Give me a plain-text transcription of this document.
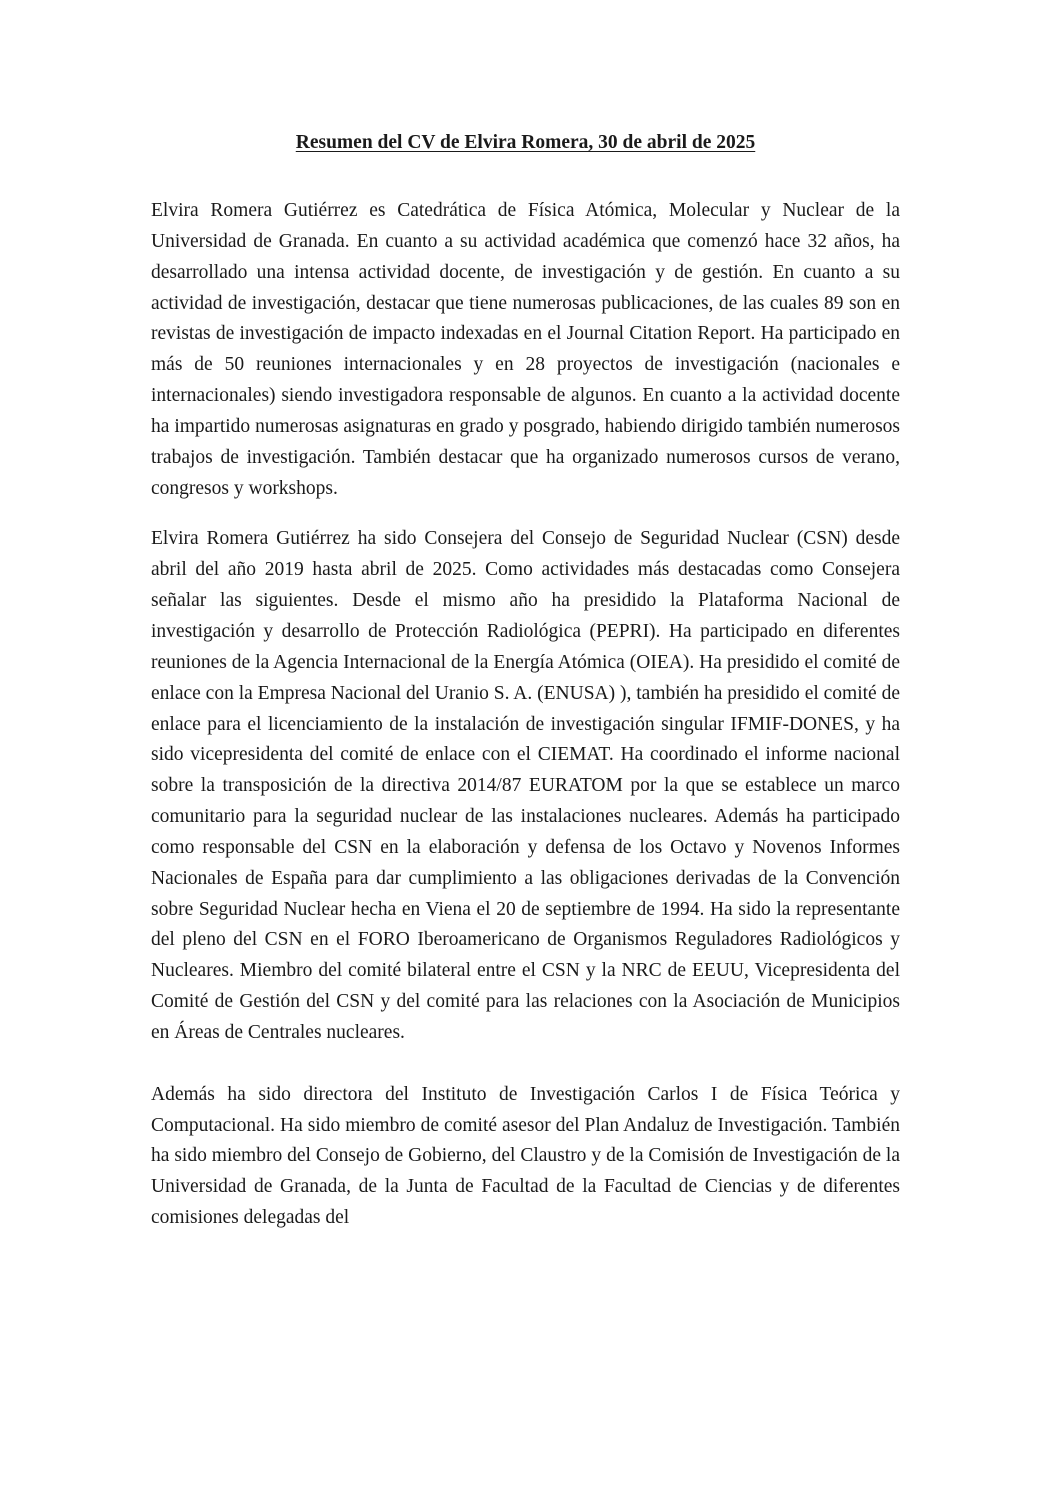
Resumen del CV de Elvira Romera, 30 de abril de 2025

Elvira Romera Gutiérrez es Catedrática de Física Atómica, Molecular y Nuclear de la Universidad de Granada. En cuanto a su actividad académica que comenzó hace 32 años, ha desarrollado una intensa actividad docente, de investigación y de gestión. En cuanto a su actividad de investigación, destacar que tiene numerosas publicaciones, de las cuales 89 son en revistas de investigación de impacto indexadas en el Journal Citation Report. Ha participado en más de 50 reuniones internacionales y en 28 proyectos de investigación (nacionales e internacionales) siendo investigadora responsable de algunos. En cuanto a la actividad docente ha impartido numerosas asignaturas en grado y posgrado, habiendo dirigido también numerosos trabajos de investigación. También destacar que ha organizado numerosos cursos de verano, congresos y workshops.

Elvira Romera Gutiérrez ha sido Consejera del Consejo de Seguridad Nuclear (CSN) desde abril del año 2019 hasta abril de 2025. Como actividades más destacadas como Consejera señalar las siguientes. Desde el mismo año ha presidido la Plataforma Nacional de investigación y desarrollo de Protección Radiológica (PEPRI). Ha participado en diferentes reuniones de la Agencia Internacional de la Energía Atómica (OIEA). Ha presidido el comité de enlace con la Empresa Nacional del Uranio S. A. (ENUSA) ), también ha presidido el comité de enlace para el licenciamiento de la instalación de investigación singular IFMIF-DONES, y ha sido vicepresidenta del comité de enlace con el CIEMAT. Ha coordinado el informe nacional sobre la transposición de la directiva 2014/87 EURATOM por la que se establece un marco comunitario para la seguridad nuclear de las instalaciones nucleares. Además ha participado como responsable del CSN en la elaboración y defensa de los Octavo y Novenos Informes Nacionales de España para dar cumplimiento a las obligaciones derivadas de la Convención sobre Seguridad Nuclear hecha en Viena el 20 de septiembre de 1994. Ha sido la representante del pleno del CSN en el FORO Iberoamericano de Organismos Reguladores Radiológicos y Nucleares. Miembro del comité bilateral entre el CSN y la NRC de EEUU, Vicepresidenta del Comité de Gestión del CSN y del comité para las relaciones con la Asociación de Municipios en Áreas de Centrales nucleares.

Además ha sido directora del Instituto de Investigación Carlos I de Física Teórica y Computacional. Ha sido miembro de comité asesor del Plan Andaluz de Investigación. También ha sido miembro del Consejo de Gobierno, del Claustro y de la Comisión de Investigación de la Universidad de Granada, de la Junta de Facultad de la Facultad de Ciencias y de diferentes comisiones delegadas del
